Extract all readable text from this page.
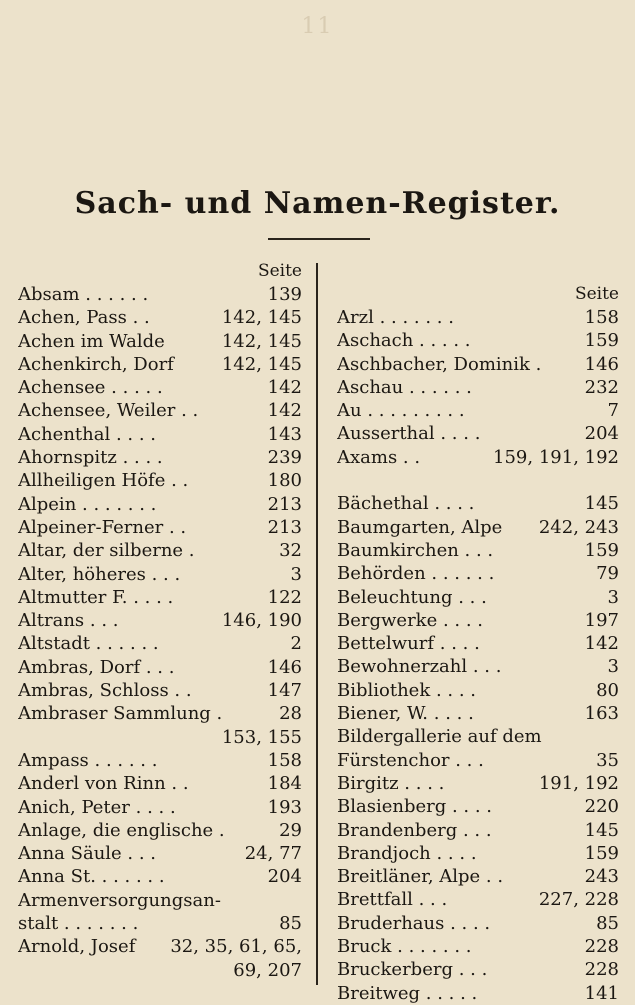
11
Sach- und Namen-Register.
Seite
Absam . . . . . .	139
Achen, Pass . .	142, 145
Achen im Walde	142, 145
Achenkirch, Dorf	142, 145
Achensee . . . . .	142
Achensee, Weiler . .	142
Achenthal . . . .	143
Ahornspitz . . . .	239
Allheiligen Höfe . .	180
Alpein . . . . . . .	213
Alpeiner-Ferner . .	213
Altar, der silberne .	32
Alter, höheres . . .	3
Altmutter F. . . . .	122
Altrans . . .	146, 190
Altstadt . . . . . .	2
Ambras, Dorf . . .	146
Ambras, Schloss . .	147
Ambraser Sammlung .	28
153, 155
Ampass . . . . . .	158
Anderl von Rinn . .	184
Anich, Peter . . . .	193
Anlage, die englische .	29
Anna Säule . . .	24, 77
Anna St. . . . . . .	204
Armenversorgungsan-
stalt . . . . . . .	85
Arnold, Josef	32, 35, 61, 65,
69, 207
Seite
Arzl . . . . . . .	158
Aschach . . . . .	159
Aschbacher, Dominik .	146
Aschau . . . . . .	232
Au . . . . . . . . .	7
Ausserthal . . . .	204
Axams . .	159, 191, 192
Bächethal . . . .	145
Baumgarten, Alpe	242, 243
Baumkirchen . . .	159
Behörden . . . . . .	79
Beleuchtung . . .	3
Bergwerke . . . .	197
Bettelwurf . . . .	142
Bewohnerzahl . . .	3
Bibliothek . . . .	80
Biener, W. . . . .	163
Bildergallerie auf dem
Fürstenchor . . .	35
Birgitz . . . .	191, 192
Blasienberg . . . .	220
Brandenberg . . .	145
Brandjoch . . . .	159
Breitläner, Alpe . .	243
Brettfall . . .	227, 228
Bruderhaus . . . .	85
Bruck . . . . . . .	228
Bruckerberg . . .	228
Breitweg . . . . .	141
